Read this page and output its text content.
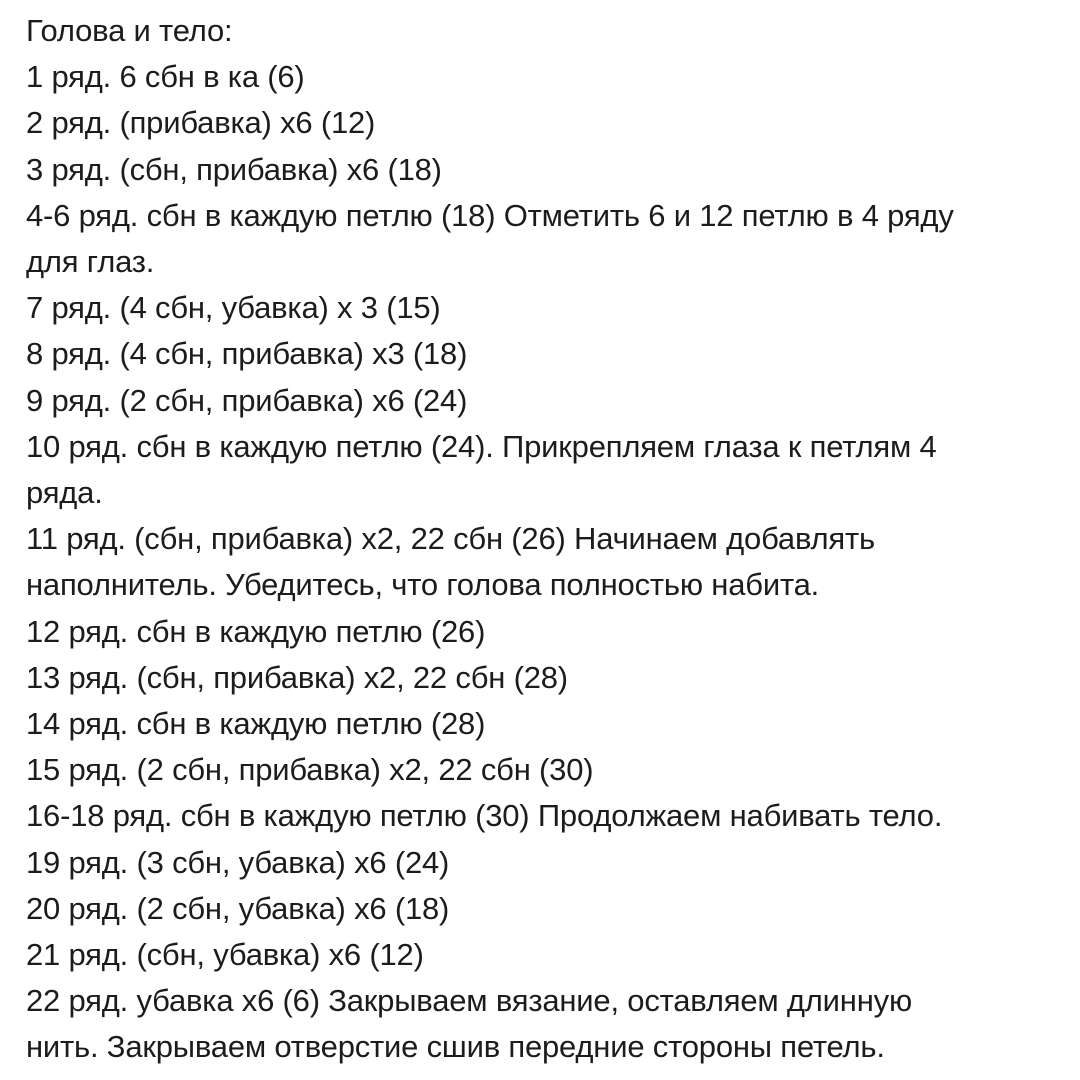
Голова и тело:
1 ряд. 6 сбн в ка (6)
2 ряд. (прибавка) х6 (12)
3 ряд. (сбн, прибавка) х6 (18)
4-6 ряд. сбн в каждую петлю (18) Отметить 6 и 12 петлю в 4 ряду
для глаз.
7 ряд. (4 сбн, убавка) х 3 (15)
8 ряд. (4 сбн, прибавка) х3 (18)
9 ряд. (2 сбн, прибавка) х6 (24)
10 ряд. сбн в каждую петлю (24). Прикрепляем глаза к петлям 4
ряда.
11 ряд. (сбн, прибавка) х2, 22 сбн (26) Начинаем добавлять
наполнитель. Убедитесь, что голова полностью набита.
12 ряд. сбн в каждую петлю (26)
13 ряд. (сбн, прибавка) х2, 22 сбн (28)
14 ряд. сбн в каждую петлю (28)
15 ряд. (2 сбн, прибавка) х2, 22 сбн (30)
16-18 ряд. сбн в каждую петлю (30) Продолжаем набивать тело.
19 ряд. (3 сбн, убавка) х6 (24)
20 ряд. (2 сбн, убавка) х6 (18)
21 ряд. (сбн, убавка) х6 (12)
22 ряд. убавка х6 (6) Закрываем вязание, оставляем длинную
нить. Закрываем отверстие сшив передние стороны петель.
